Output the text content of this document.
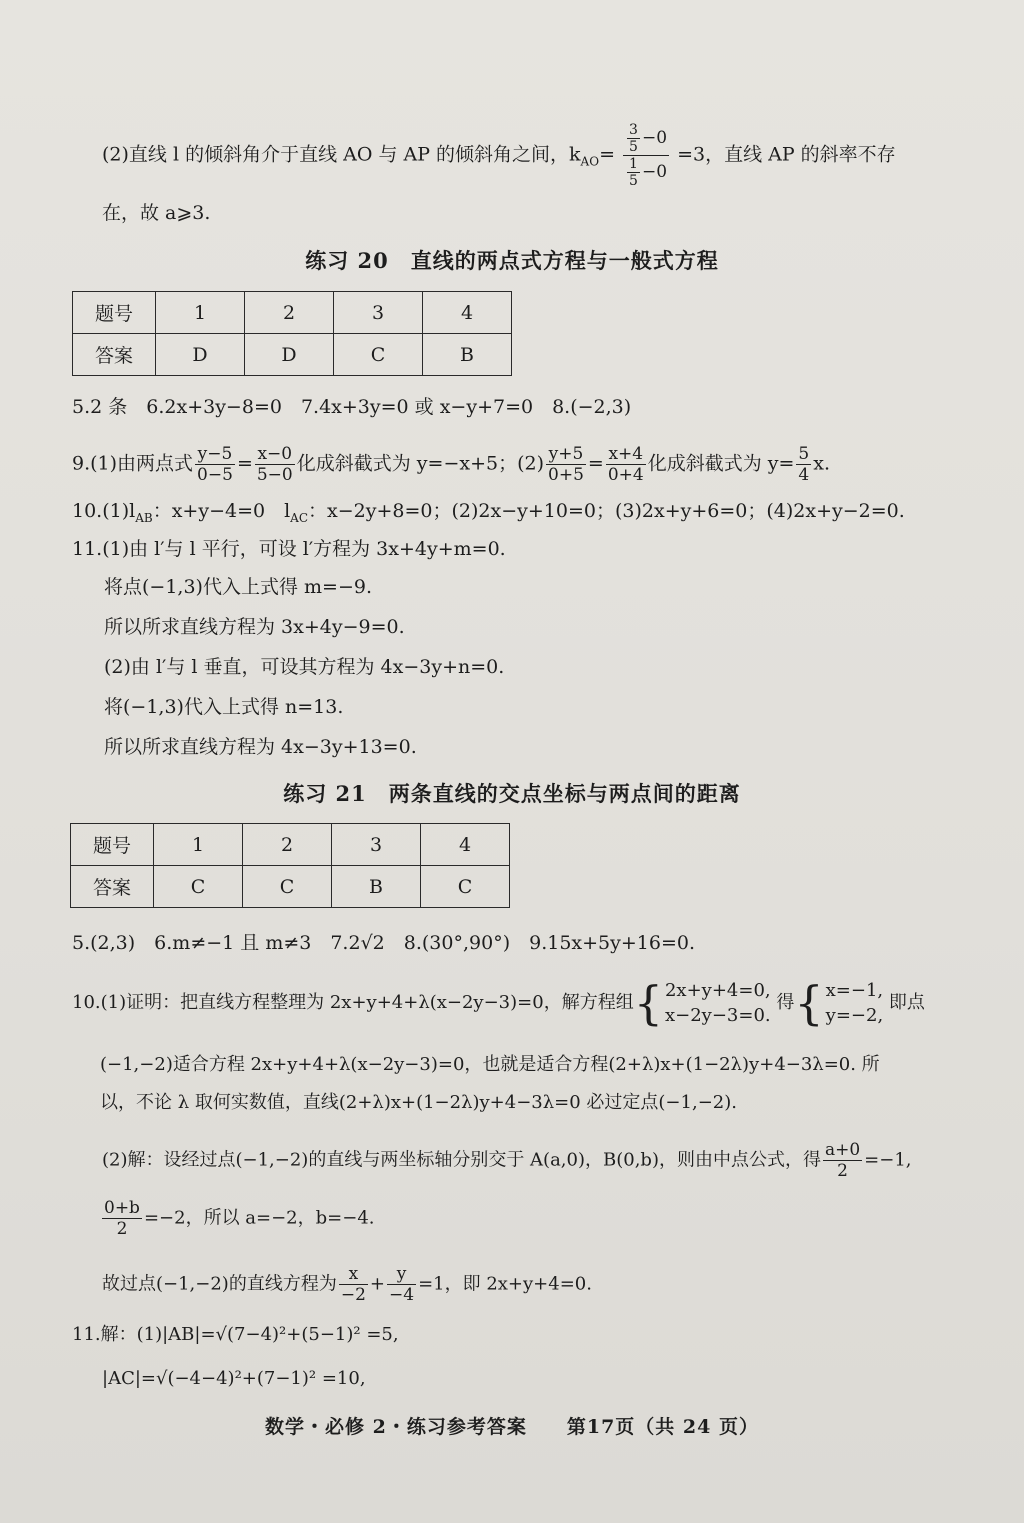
(2)直线 l 的倾斜角介于直线 AO 与 AP 的倾斜角之间，$k_{AO}= \frac{\frac{3}{5} -0}{\frac{1}{5} -0} =3$，直线 AP 的斜率不存
在，故 a⩾3.
练习 20　直线的两点式方程与一般式方程
题号	1	2	3	4
答案	D	D	C	B
5.2 条　6.2x+3y−8=0　7.4x+3y=0 或 x−y+7=0　8.(−2,3)
9.(1)由两点式 $\frac{y-5}{0-5} = \frac{x-0}{5-0}$ 化成斜截式为 y=−x+5；$(2) \frac{y+5}{0+5} = \frac{x+4}{0+4}$ 化成斜截式为 $y= \frac{5}{4} x$.
$10.(1)l_{AB}$：x+y−4=0　$l_{AC}$：x−2y+8=0；(2)2x−y+10=0；(3)2x+y+6=0；(4)2x+y−2=0.
11.(1)由 l′与 l 平行，可设 l′方程为 3x+4y+m=0.
将点(−1,3)代入上式得 m=−9.
所以所求直线方程为 3x+4y−9=0.
(2)由 l′与 l 垂直，可设其方程为 4x−3y+n=0.
将(−1,3)代入上式得 n=13.
所以所求直线方程为 4x−3y+13=0.
练习 21　两条直线的交点坐标与两点间的距离
题号	1	2	3	4
答案	C	C	B	C
5.(2,3)　6.m≠−1 且 m≠3　7.2√2　8.(30°,90°)　9.15x+5y+16=0.
10.(1)证明：把直线方程整理为 2x+y+4+λ(x−2y−3)=0，解方程组{ 2x+y+4=0,
x−2y−3=0.
得{ x=−1,
y=−2,
即点
(−1,−2)适合方程 2x+y+4+λ(x−2y−3)=0，也就是适合方程(2+λ)x+(1−2λ)y+4−3λ=0. 所
以，不论 λ 取何实数值，直线(2+λ)x+(1−2λ)y+4−3λ=0 必过定点(−1,−2).
(2)解：设经过点(−1,−2)的直线与两坐标轴分别交于 A(a,0)，B(0,b)，则由中点公式，得 $\frac{a+0}{2} =-1$,
$\frac{0+b}{2} =-2$，所以 a=−2，b=−4.
故过点(−1,−2)的直线方程为 $\frac{x}{-2} + \frac{y}{-4} =1$，即 2x+y+4=0.
11.解：(1)|AB|=√(7−4)²+(5−1)² =5,
|AC|=√(−4−4)²+(7−1)² =10,
数学・必修 2・练习参考答案　　第17页（共 24 页）
